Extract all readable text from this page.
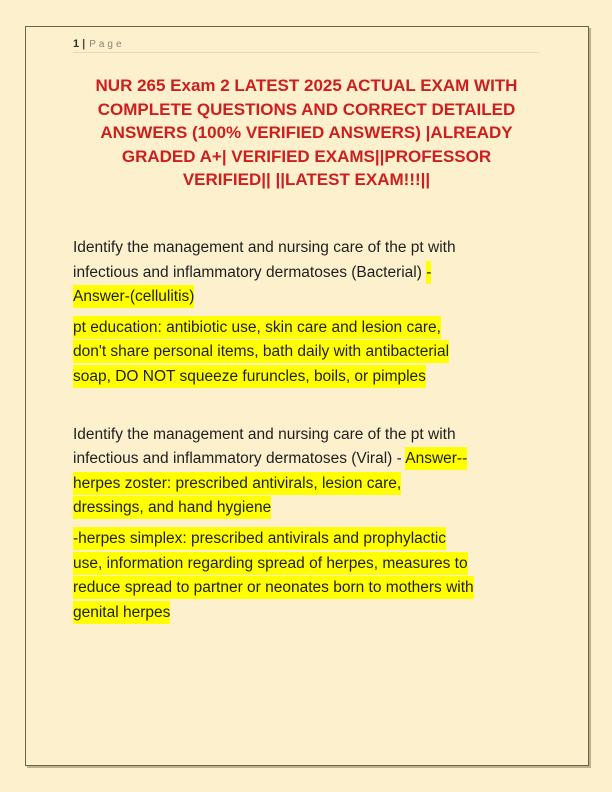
1 | Page
NUR 265 Exam 2 LATEST 2025 ACTUAL EXAM WITH
COMPLETE QUESTIONS AND CORRECT DETAILED
ANSWERS (100% VERIFIED ANSWERS) |ALREADY
GRADED A+| VERIFIED EXAMS||PROFESSOR
VERIFIED|| ||LATEST EXAM!!!||
Identify the management and nursing care of the pt with
infectious and inflammatory dermatoses (Bacterial) -
Answer-(cellulitis)
pt education: antibiotic use, skin care and lesion care,
don't share personal items, bath daily with antibacterial
soap, DO NOT squeeze furuncles, boils, or pimples
Identify the management and nursing care of the pt with
infectious and inflammatory dermatoses (Viral) - Answer--
herpes zoster: prescribed antivirals, lesion care,
dressings, and hand hygiene
-herpes simplex: prescribed antivirals and prophylactic
use, information regarding spread of herpes, measures to
reduce spread to partner or neonates born to mothers with
genital herpes
